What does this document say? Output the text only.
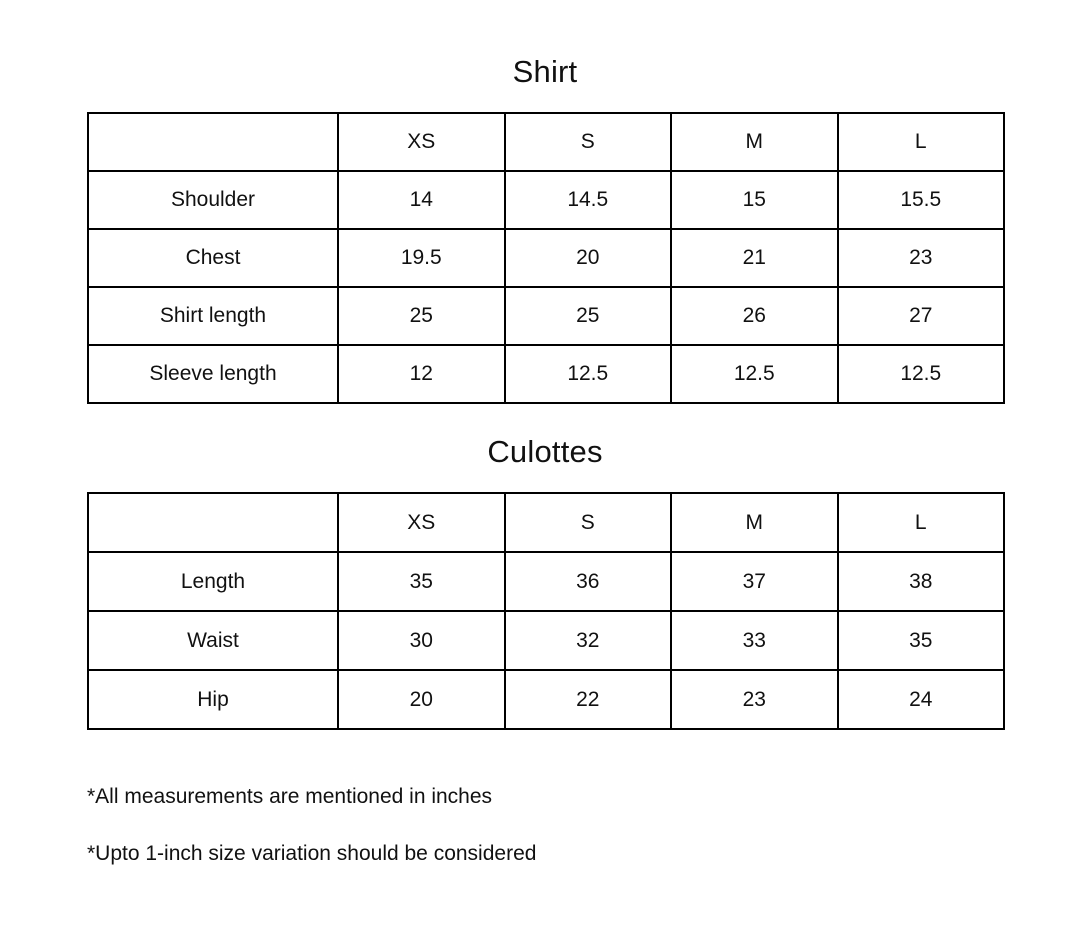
Shirt
	XS	S	M	L
Shoulder	14	14.5	15	15.5
Chest	19.5	20	21	23
Shirt length	25	25	26	27
Sleeve length	12	12.5	12.5	12.5
Culottes
	XS	S	M	L
Length	35	36	37	38
Waist	30	32	33	35
Hip	20	22	23	24

*All measurements are mentioned in inches

*Upto 1-inch size variation should be considered
